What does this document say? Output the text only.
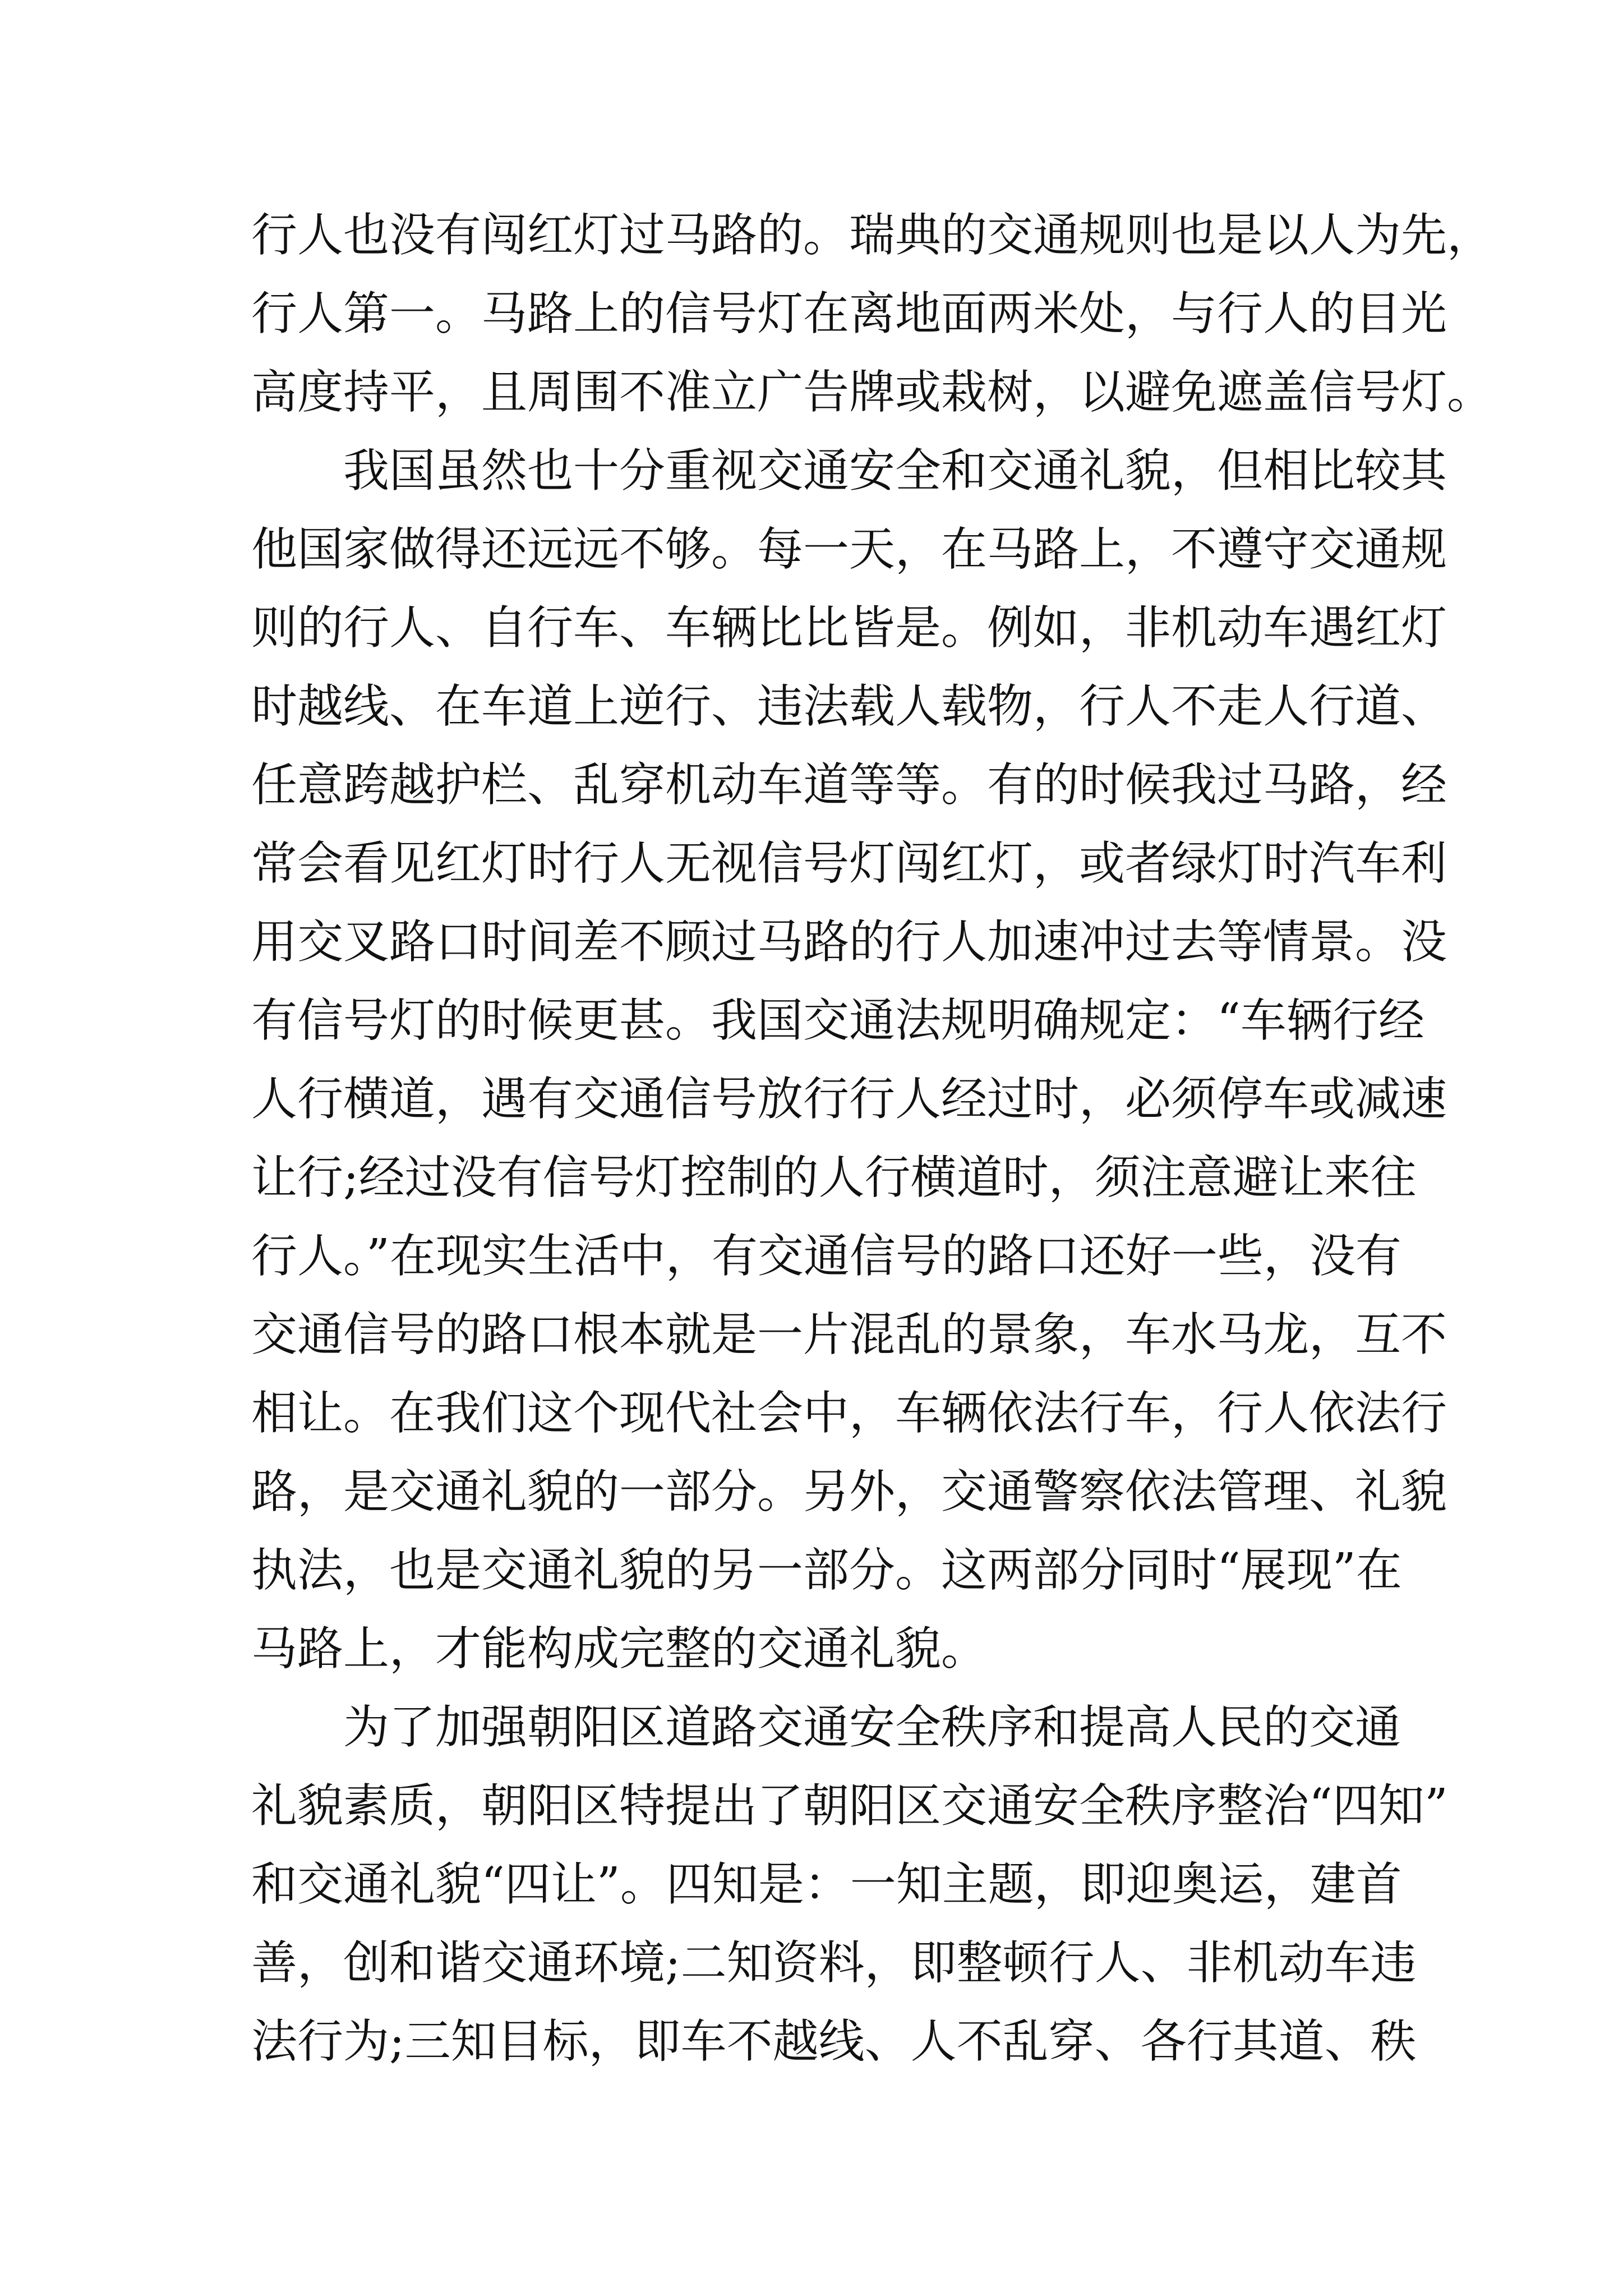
行人也没有闯红灯过马路的。瑞典的交通规则也是以人为先，
行人第一。马路上的信号灯在离地面两米处，与行人的目光
高度持平，且周围不准立广告牌或栽树，以避免遮盖信号灯。
我国虽然也十分重视交通安全和交通礼貌，但相比较其
他国家做得还远远不够。每一天，在马路上，不遵守交通规
则的行人、自行车、车辆比比皆是。例如，非机动车遇红灯
时越线、在车道上逆行、违法载人载物，行人不走人行道、
任意跨越护栏、乱穿机动车道等等。有的时候我过马路，经
常会看见红灯时行人无视信号灯闯红灯，或者绿灯时汽车利
用交叉路口时间差不顾过马路的行人加速冲过去等情景。没
有信号灯的时候更甚。我国交通法规明确规定：“车辆行经
人行横道，遇有交通信号放行行人经过时，必须停车或减速
让行;经过没有信号灯控制的人行横道时，须注意避让来往
行人。”在现实生活中，有交通信号的路口还好一些，没有
交通信号的路口根本就是一片混乱的景象，车水马龙，互不
相让。在我们这个现代社会中，车辆依法行车，行人依法行
路，是交通礼貌的一部分。另外，交通警察依法管理、礼貌
执法，也是交通礼貌的另一部分。这两部分同时“展现”在
马路上，才能构成完整的交通礼貌。
为了加强朝阳区道路交通安全秩序和提高人民的交通
礼貌素质，朝阳区特提出了朝阳区交通安全秩序整治“四知”
和交通礼貌“四让”。四知是：一知主题，即迎奥运，建首
善，创和谐交通环境;二知资料，即整顿行人、非机动车违
法行为;三知目标，即车不越线、人不乱穿、各行其道、秩
